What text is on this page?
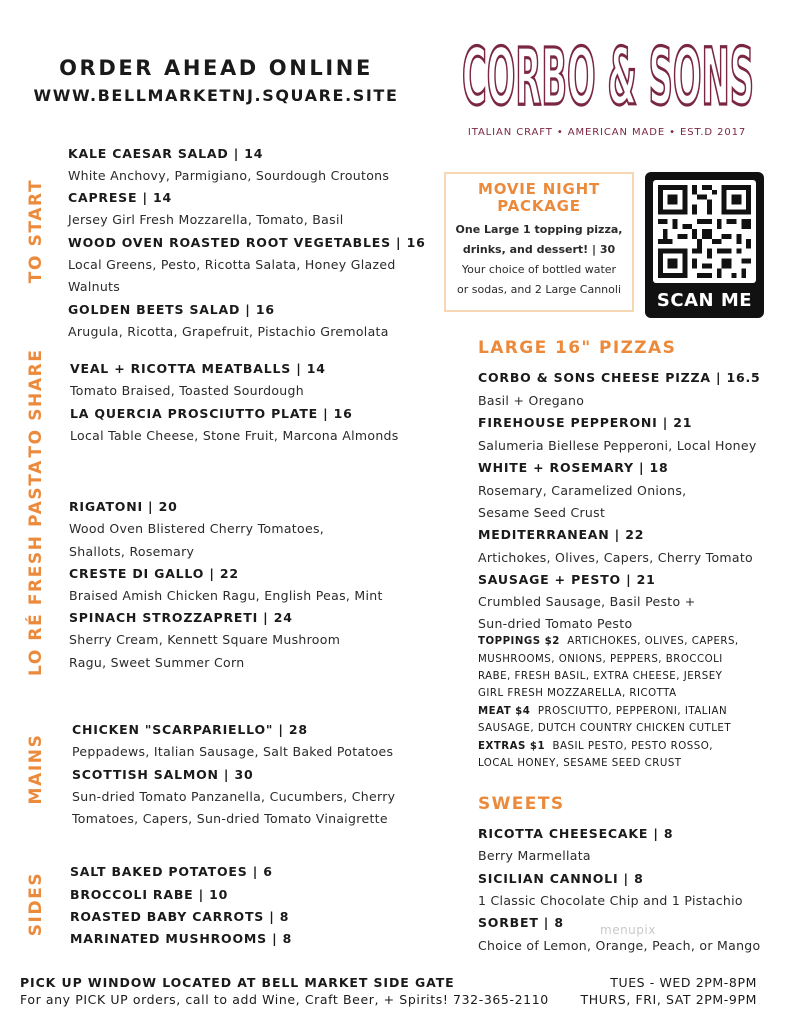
ORDER AHEAD ONLINE
WWW.BELLMARKETNJ.SQUARE.SITE CORBO & SONS
ITALIAN CRAFT • AMERICAN MADE • EST.D 2017
TO START
TO SHARE
LO RÉ FRESH PASTA
MAINS
SIDES
KALE CAESAR SALAD | 14
White Anchovy, Parmigiano, Sourdough Croutons
CAPRESE | 14
Jersey Girl Fresh Mozzarella, Tomato, Basil
WOOD OVEN ROASTED ROOT VEGETABLES | 16
Local Greens, Pesto, Ricotta Salata, Honey Glazed
Walnuts
GOLDEN BEETS SALAD | 16
Arugula, Ricotta, Grapefruit, Pistachio Gremolata
VEAL + RICOTTA MEATBALLS | 14
Tomato Braised, Toasted Sourdough
LA QUERCIA PROSCIUTTO PLATE | 16
Local Table Cheese, Stone Fruit, Marcona Almonds
RIGATONI | 20
Wood Oven Blistered Cherry Tomatoes,
Shallots, Rosemary
CRESTE DI GALLO | 22
Braised Amish Chicken Ragu, English Peas, Mint
SPINACH STROZZAPRETI | 24
Sherry Cream, Kennett Square Mushroom
Ragu, Sweet Summer Corn
CHICKEN "SCARPARIELLO" | 28
Peppadews, Italian Sausage, Salt Baked Potatoes
SCOTTISH SALMON | 30
Sun-dried Tomato Panzanella, Cucumbers, Cherry
Tomatoes, Capers, Sun-dried Tomato Vinaigrette
SALT BAKED POTATOES | 6
BROCCOLI RABE | 10
ROASTED BABY CARROTS | 8
MARINATED MUSHROOMS | 8
MOVIE NIGHT
PACKAGE
One Large 1 topping pizza,
drinks, and dessert! | 30
Your choice of bottled water
or sodas, and 2 Large Cannoli
SCAN ME
LARGE 16" PIZZAS
CORBO & SONS CHEESE PIZZA | 16.5
Basil + Oregano
FIREHOUSE PEPPERONI | 21
Salumeria Biellese Pepperoni, Local Honey
WHITE + ROSEMARY | 18
Rosemary, Caramelized Onions,
Sesame Seed Crust
MEDITERRANEAN | 22
Artichokes, Olives, Capers, Cherry Tomato
SAUSAGE + PESTO | 21
Crumbled Sausage, Basil Pesto +
Sun-dried Tomato Pesto
TOPPINGS $2 ARTICHOKES, OLIVES, CAPERS,
MUSHROOMS, ONIONS, PEPPERS, BROCCOLI
RABE, FRESH BASIL, EXTRA CHEESE, JERSEY
GIRL FRESH MOZZARELLA, RICOTTA
MEAT $4 PROSCIUTTO, PEPPERONI, ITALIAN
SAUSAGE, DUTCH COUNTRY CHICKEN CUTLET
EXTRAS $1 BASIL PESTO, PESTO ROSSO,
LOCAL HONEY, SESAME SEED CRUST
SWEETS
RICOTTA CHEESECAKE | 8
Berry Marmellata
SICILIAN CANNOLI | 8
1 Classic Chocolate Chip and 1 Pistachio
SORBET | 8
Choice of Lemon, Orange, Peach, or Mango
menupix
PICK UP WINDOW LOCATED AT BELL MARKET SIDE GATE
For any PICK UP orders, call to add Wine, Craft Beer, + Spirits! 732-365-2110
TUES - WED 2PM-8PM
THURS, FRI, SAT 2PM-9PM
